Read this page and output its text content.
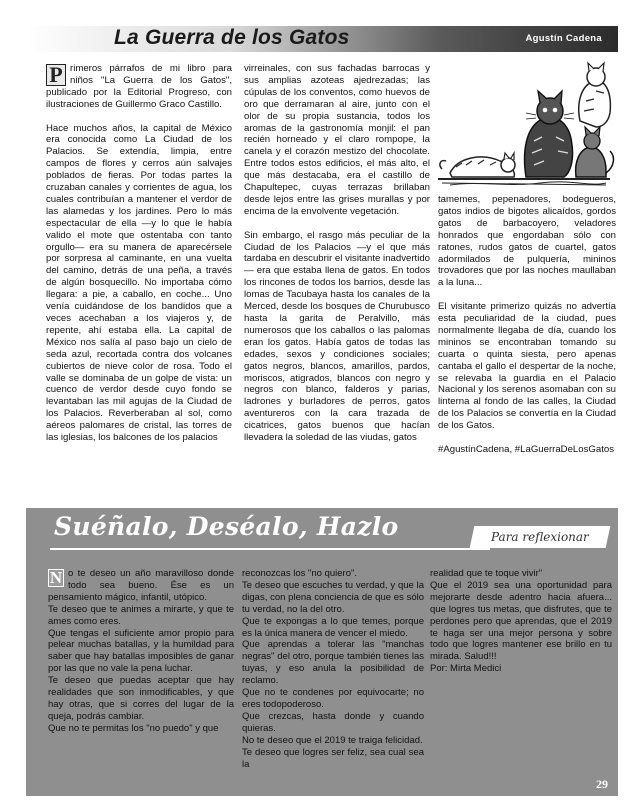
La Guerra de los Gatos	Agustín Cadena

P rimeros párrafos de mi libro para niños "La Guerra de los Gatos", publicado por la Editorial Progreso, con ilustraciones de Guillermo Graco Castillo.

Hace muchos años, la capital de México era conocida como La Ciudad de los Palacios. Se extendía, limpia, entre campos de flores y cerros aún salvajes poblados de fieras. Por todas partes la cruzaban canales y corrientes de agua, los cuales contribuían a mantener el verdor de las alamedas y los jardines. Pero lo más espectacular de ella —y lo que le había valido el mote que ostentaba con tanto orgullo— era su manera de aparecérsele por sorpresa al caminante, en una vuelta del camino, detrás de una peña, a través de algún bosquecillo. No importaba cómo llegara: a pie, a caballo, en coche... Uno venía cuidándose de los bandidos que a veces acechaban a los viajeros y, de repente, ahí estaba ella. La capital de México nos salía al paso bajo un cielo de seda azul, recortada contra dos volcanes cubiertos de nieve color de rosa. Todo el valle se dominaba de un golpe de vista: un cuenco de verdor desde cuyo fondo se levantaban las mil agujas de la Ciudad de los Palacios. Reverberaban al sol, como aéreos palomares de cristal, las torres de las iglesias, los balcones de los palacios

virreinales, con sus fachadas barrocas y sus amplias azoteas ajedrezadas; las cúpulas de los conventos, como huevos de oro que derramaran al aire, junto con el olor de su propia sustancia, todos los aromas de la gastronomía monjil: el pan recién horneado y el claro rompope, la canela y el corazón mestizo del chocolate. Entre todos estos edificios, el más alto, el que más destacaba, era el castillo de Chapultepec, cuyas terrazas brillaban desde lejos entre las grises murallas y por encima de la envolvente vegetación.

Sin embargo, el rasgo más peculiar de la Ciudad de los Palacios —y el que más tardaba en descubrir el visitante inadvertido— era que estaba llena de gatos. En todos los rincones de todos los barrios, desde las lomas de Tacubaya hasta los canales de la Merced, desde los bosques de Churubusco hasta la garita de Peralvillo, más numerosos que los caballos o las palomas eran los gatos. Había gatos de todas las edades, sexos y condiciones sociales; gatos negros, blancos, amarillos, pardos, moriscos, atigrados, blancos con negro y negros con blanco, falderos y parias, ladrones y burladores de perros, gatos aventureros con la cara trazada de cicatrices, gatos buenos que hacían llevadera la soledad de las viudas, gatos

tamemes, pepenadores, bodegueros, gatos indios de bigotes alicaídos, gordos gatos de barbacoyero, veladores honrados que engordaban sólo con ratones, rudos gatos de cuartel, gatos adormilados de pulquería, mininos trovadores que por las noches maullaban a la luna...

El visitante primerizo quizás no advertía esta peculiaridad de la ciudad, pues normalmente llegaba de día, cuando los mininos se encontraban tomando su cuarta o quinta siesta, pero apenas cantaba el gallo el despertar de la noche, se relevaba la guardia en el Palacio Nacional y los serenos asomaban con su linterna al fondo de las calles, la Ciudad de los Palacios se convertía en la Ciudad de los Gatos.

#AgustínCadena, #LaGuerraDeLosGatos

Suéñalo, Deséalo, Hazlo	Para reflexionar

N o te deseo un año maravilloso donde todo sea bueno. Ése es un pensamiento mágico, infantil, utópico.

Te deseo que te animes a mirarte, y que te ames como eres.

Que tengas el suficiente amor propio para pelear muchas batallas, y la humildad para saber que hay batallas imposibles de ganar por las que no vale la pena luchar.

Te deseo que puedas aceptar que hay realidades que son inmodificables, y que hay otras, que si corres del lugar de la queja, podrás cambiar.

Que no te permitas los "no puedo" y que

reconozcas los "no quiero".

Te deseo que escuches tu verdad, y que la digas, con plena conciencia de que es sólo tu verdad, no la del otro.

Que te expongas a lo que temes, porque es la única manera de vencer el miedo.

Que aprendas a tolerar las "manchas negras" del otro, porque también tienes las tuyas, y eso anula la posibilidad de reclamo.

Que no te condenes por equivocarte; no eres todopoderoso.

Que crezcas, hasta donde y cuando quieras.

No te deseo que el 2019 te traiga felicidad.

Te deseo que logres ser feliz, sea cual sea la

realidad que te toque vivir"

Que el 2019 sea una oportunidad para mejorarte desde adentro hacia afuera... que logres tus metas, que disfrutes, que te perdones pero que aprendas, que el 2019 te haga ser una mejor persona y sobre todo que logres mantener ese brillo en tu mirada. Salud!!!

Por: Mirta Medici

29
